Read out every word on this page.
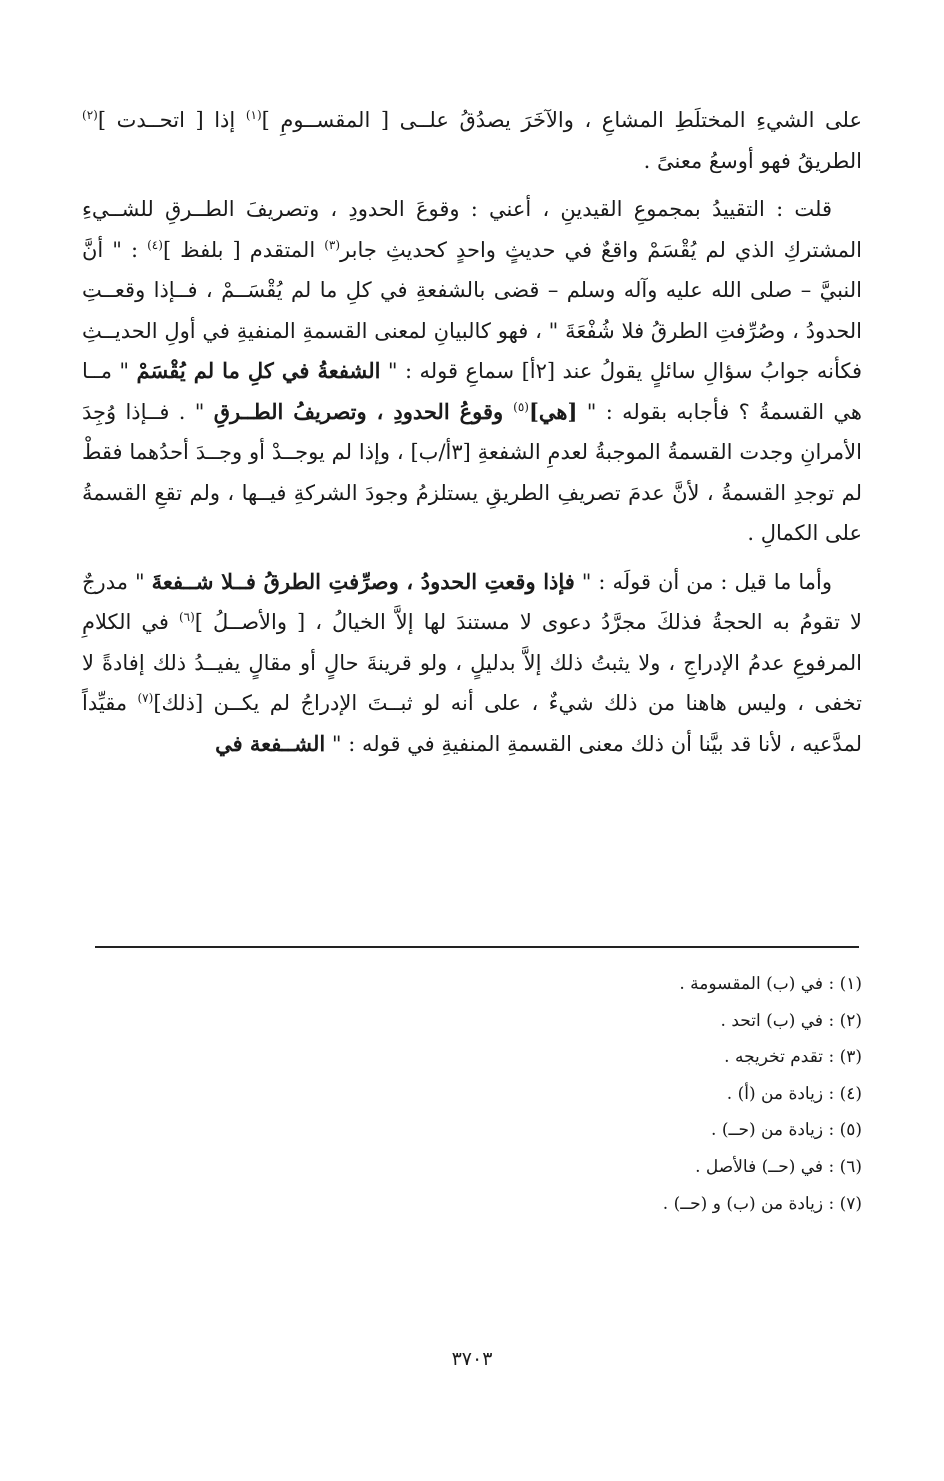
على الشيءِ المختلَطِ المشاعِ ، والآخَرَ يصدُقُ علــى [ المقســومِ ]$^{(١)}$ إذا [ اتحــدت ]$^{(٢)}$ الطريقُ فهو أوسعُ معنىً .

قلت : التقييدُ بمجموعِ القيدينِ ، أعني : وقوعَ الحدودِ ، وتصريفَ الطــرقِ للشــيءِ المشتركِ الذي لم يُقْسَمْ واقعٌ في حديثٍ واحدٍ كحديثِ جابر$^{(٣)}$ المتقدم [ بلفظ ]$^{(٤)}$ : " أنَّ النبيَّ – صلى الله عليه وآله وسلم – قضى بالشفعةِ في كلِ ما لم يُقْسَــمْ ، فــإذا وقعــتِ الحدودُ ، وصُرِّفتِ الطرقُ فلا شُفْعَةَ " ، فهو كالبيانِ لمعنى القسمةِ المنفيةِ في أولِ الحديــثِ فكأنه جوابُ سؤالِ سائلٍ يقولُ عند [٢أ] سماعِ قوله : " الشفعةُ في كلِ ما لم يُقْسَمْ " مــا هي القسمةُ ؟ فأجابه بقوله : " [هي]$^{(٥)}$ وقوعُ الحدودِ ، وتصريفُ الطــرقِ " . فــإذا وُجِدَ الأمرانِ وجدت القسمةُ الموجبةُ لعدمِ الشفعةِ [٣أ/ب] ، وإذا لم يوجــدْ أو وجــدَ أحدُهما فقطْ لم توجدِ القسمةُ ، لأنَّ عدمَ تصريفِ الطريقِ يستلزمُ وجودَ الشركةِ فيــها ، ولم تقعِ القسمةُ على الكمالِ .

وأما ما قيل : من أن قولَه : " فإذا وقعتِ الحدودُ ، وصرِّفتِ الطرقُ فــلا شــفعةَ " مدرجٌ لا تقومُ به الحجةُ فذلكَ مجرَّدُ دعوى لا مستندَ لها إلاَّ الخيالُ ، [ والأصــلُ ]$^{(٦)}$ في الكلامِ المرفوعِ عدمُ الإدراجِ ، ولا يثبتُ ذلك إلاَّ بدليلٍ ، ولو قرينةَ حالٍ أو مقالٍ يفيــدُ ذلك إفادةً لا تخفى ، وليس هاهنا من ذلك شيءٌ ، على أنه لو ثبــتَ الإدراجُ لم يكــن [ذلك]$^{(٧)}$ مقيِّداً لمدَّعيه ، لأنا قد بيَّنا أن ذلك معنى القسمةِ المنفيةِ في قوله : " الشــفعة في

(١) : في (ب) المقسومة .
(٢) : في (ب) اتحد .
(٣) : تقدم تخريجه .
(٤) : زيادة من (أ) .
(٥) : زيادة من (حــ) .
(٦) : في (حــ) فالأصل .
(٧) : زيادة من (ب) و (حــ) .
٣٧٠٣
